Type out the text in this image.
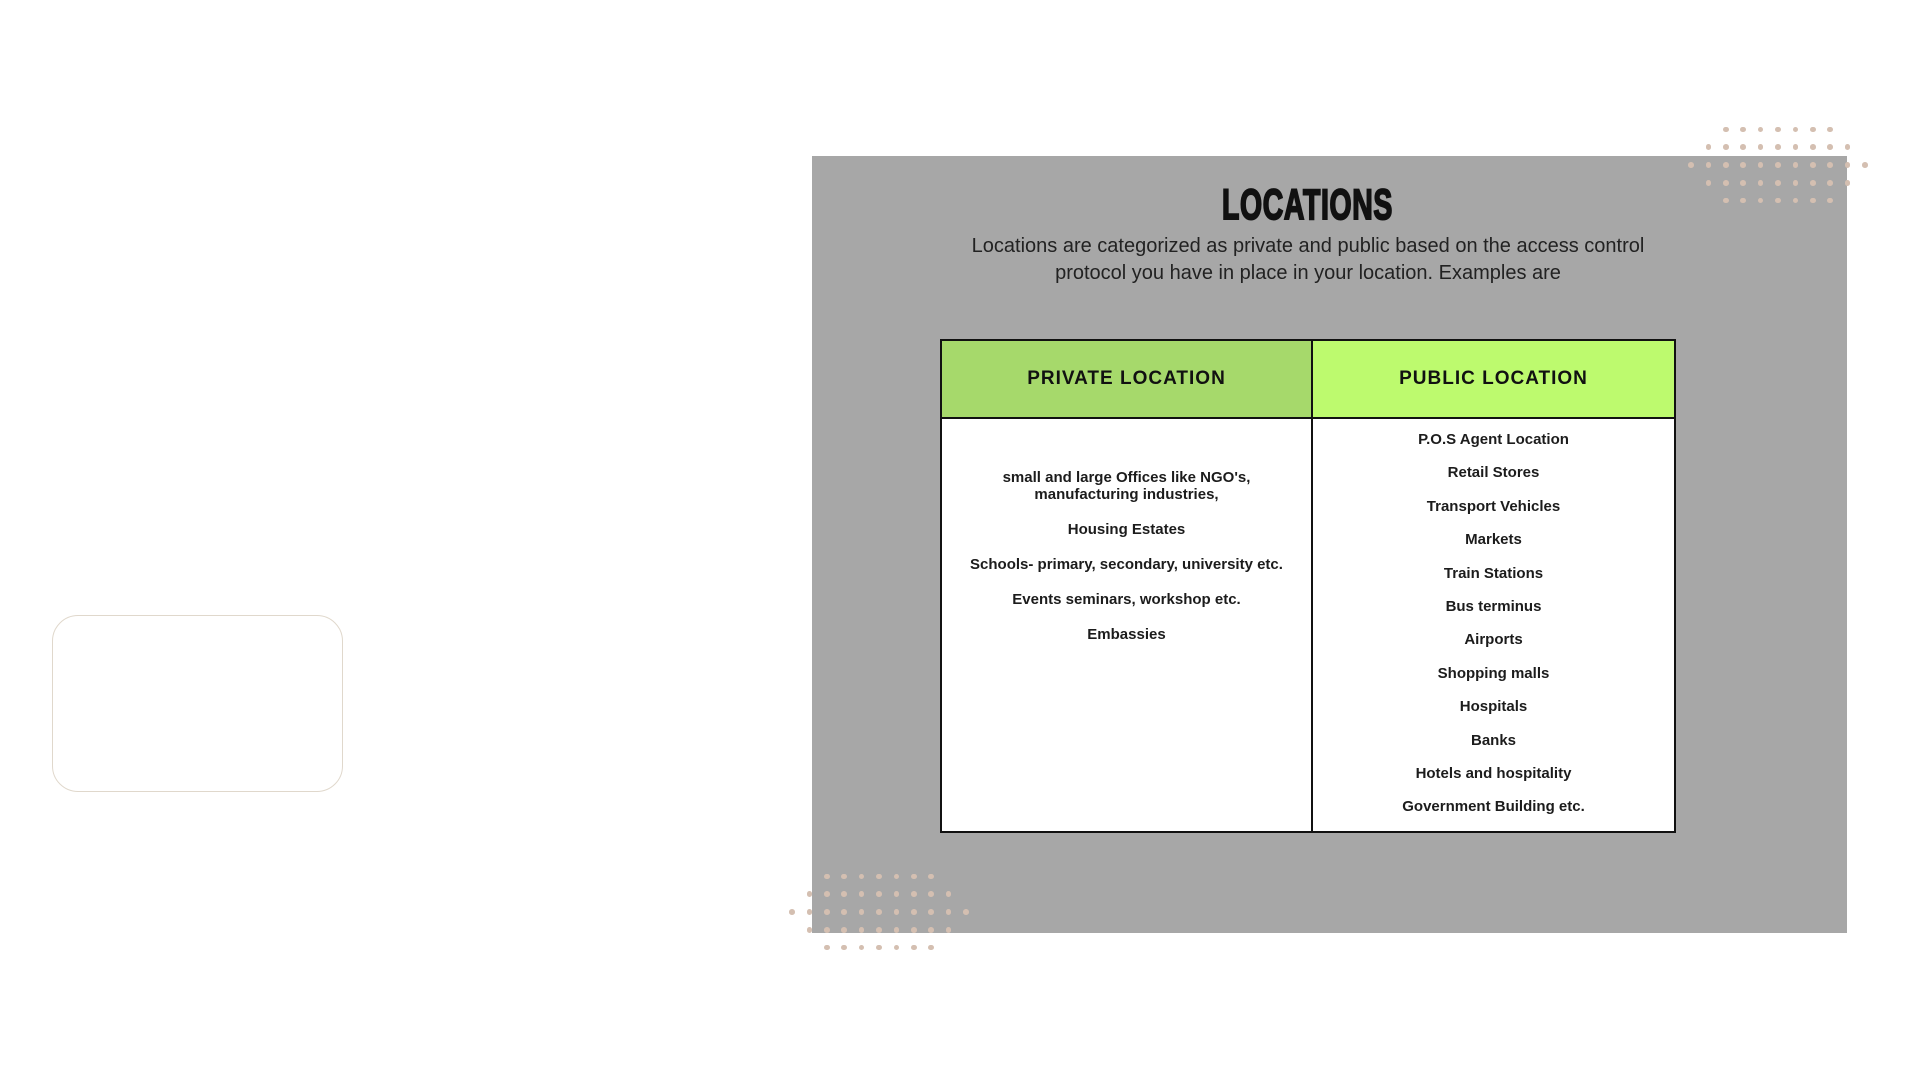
LOCATIONS
Locations are categorized as private and public based on the access control
protocol you have in place in your location. Examples are
PRIVATE LOCATION	PUBLIC LOCATION

small and large Offices like NGO's, manufacturing industries,

Housing Estates

Schools- primary, secondary, university etc.

Events seminars, workshop etc.

Embassies

P.O.S Agent Location

Retail Stores

Transport Vehicles

Markets

Train Stations

Bus terminus

Airports

Shopping malls

Hospitals

Banks

Hotels and hospitality

Government Building etc.
